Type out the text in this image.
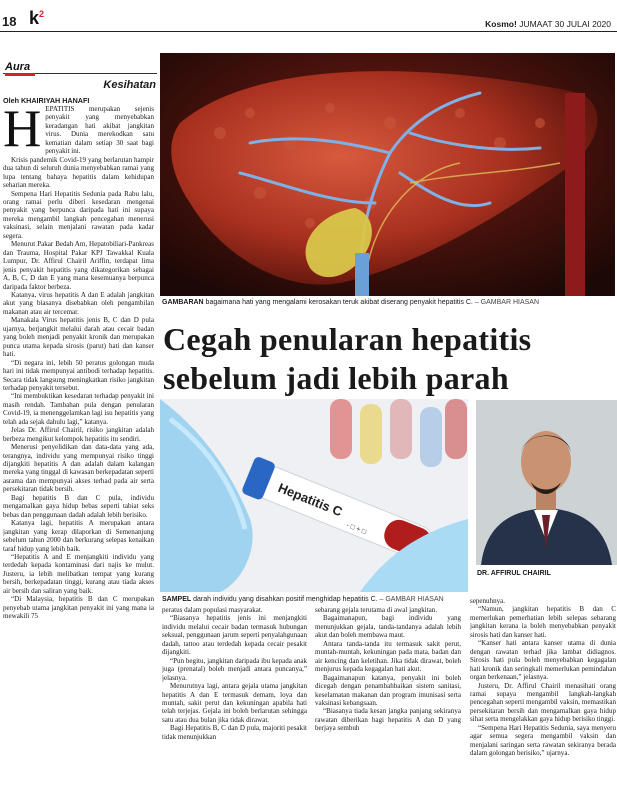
18 $k^2$
Kosmo! JUMAAT 30 JULAI 2020
Aura
Kesihatan
Oleh KHAIRIYAH HANAFI
H EPATITIS merupakan sejenis penyakit yang menyebabkan keradangan hati akibat jangkitan virus. Dunia merekodkan satu kematian dalam setiap 30 saat bagi penyakit ini.

Krisis pandemik Covid-19 yang berlarutan hampir dua tahun di seluruh dunia menyebabkan ramai yang lupa tentang bahaya hepatitis dalam kehidupan seharian mereka.

Sempena Hari Hepatitis Sedunia pada Rabu lalu, orang ramai perlu diberi kesedaran mengenai penyakit yang berpunca daripada hati ini supaya mereka mengambil langkah pencegahan menerusi vaksinasi, selain menjalani rawatan pada kadar segera.

Menurut Pakar Bedah Am, Hepatobiliari-Pankreas dan Trauma, Hospital Pakar KPJ Tawakkal Kuala Lumpur, Dr. Affirul Chairil Ariffin, terdapat lima jenis penyakit hepatitis yang dikategorikan sebagai A, B, C, D dan E yang mana kesemuanya berpunca daripada faktor berbeza.

Katanya, virus hepatitis A dan E adalah jangkitan akut yang biasanya disebabkan oleh pengambilan makanan atau air tercemar.

Manakala Virus hepatitis jenis B, C dan D pula ujarnya, berjangkit melalui darah atau cecair badan yang boleh menjadi penyakit kronik dan merupakan punca utama kepada sirosis (parut) hati dan kanser hati.

“Di negara ini, lebih 50 peratus golongan muda hari ini tidak mempunyai antibodi terhadap hepatitis. Secara tidak langsung meningkatkan risiko jangkitan terhadap penyakit tersebut.

“Ini membuktikan kesedaran terhadap penyakit ini masih rendah. Tambahan pula dengan penularan Covid-19, ia menenggelamkan lagi isu hepatitis yang telah ada sejak dahulu lagi,” katanya.

Jelas Dr. Affirul Chairil, risiko jangkitan adalah berbeza mengikut kelompok hepatitis itu sendiri.

Menerusi penyelidikan dan data-data yang ada, terangnya, individu yang mempunyai risiko tinggi dijangkiti hepatitis A dan adalah dalam kalangan mereka yang tinggal di kawasan berkepadatan seperti asrama dan mempunyai akses terhad pada air serta persekitaran tidak bersih.

Bagi hepatitis B dan C pula, individu mengamalkan gaya hidup bebas seperti tabiat seks bebas dan penggunaan dadah adalah lebih berisiko.

Katanya lagi, hepatitis A merupakan antara jangkitan yang kerap dilaporkan di Semenanjung sebelum tahun 2000 dan berkurang selepas kenaikan taraf hidup yang lebih baik.

“Hepatitis A and E menjangkiti individu yang terdedah kepada kontaminasi dari najis ke mulut. Justeru, ia lebih melibatkan tempat yang kurang bersih, berkepadatan tinggi, kurang atau tiada akses air bersih dan saliran yang baik.

“Di Malaysia, hepatitis B dan C merupakan penyebab utama jangkitan penyakit ini yang mana ia mewakili 75

GAMBARAN bagaimana hati yang mengalami kerosakan teruk akibat diserang penyakit hepatitis C. – GAMBAR HIASAN
Cegah penularan hepatitis sebelum jadi lebih parah
Hepatitis C
- □ + □
SAMPEL darah individu yang disahkan positif menghidap hepatitis C. – GAMBAR HIASAN
DR. AFFIRUL CHAIRIL

peratus dalam populasi masyarakat.

“Biasanya hepatitis jenis ini menjangkiti individu melalui cecair badan termasuk hubungan seksual, penggunaan jarum seperti penyalahgunaan dadah, tattoo atau terdedah kepada cecair pesakit dijangkiti.

“Pun begitu, jangkitan daripada ibu kepada anak juga (prenatal) boleh menjadi antara puncanya,” jelasnya.

Menurutnya lagi, antara gejala utama jangkitan hepatitis A dan E termasuk demam, loya dan muntah, sakit perut dan kekuningan apabila hati telah terjejas. Gejala ini boleh berlarutan sehingga satu atau dua bulan jika tidak dirawat.

Bagi Hepatitis B, C dan D pula, majoriti pesakit tidak menunjukkan

sebarang gejala terutama di awal jangkitan.

Bagaimanapun, bagi individu yang menunjukkan gejala, tanda-tandanya adalah lebih akut dan boleh membawa maut.

Antara tanda-tanda itu termasuk sakit perut, muntah-muntah, kekuningan pada mata, badan dan air kencing dan keletihan. Jika tidak dirawat, boleh menjurus kepada kegagalan hati akut.

Bagaimanapun katanya, penyakit ini boleh dicegah dengan penambahbaikan sistem sanitasi, keselamatan makanan dan program imunisasi serta vaksinasi kebangsaan.

“Biasanya tiada kesan jangka panjang sekiranya rawatan diberikan bagi hepatitis A dan D yang berjaya sembuh

sepenuhnya.

“Namun, jangkitan hepatitis B dan C memerlukan pemerhatian lebih selepas sebarang jangkitan kerana ia boleh menyebabkan penyakit sirosis hati dan kanser hati.

“Kanser hati antara kanser utama di dunia dengan rawatan terhad jika lambat didiagnos. Sirosis hati pula boleh menyebabkan kegagalan hati kronik dan seringkali memerlukan pemindahan organ berkenaan,” jelasnya.

Justeru, Dr. Affirul Chairil menasihati orang ramai supaya mengambil langkah-langkah pencegahan seperti mengambil vaksin, memastikan persekitaran bersih dan mengamalkan gaya hidup sihat serta mengelakkan gaya hidup berisiko tinggi.

“Sempena Hari Hepatitis Sedunia, saya menyeru agar semua segera mengambil vaksin dan menjalani saringan serta rawatan sekiranya berada dalam golongan berisiko,” ujarnya.
